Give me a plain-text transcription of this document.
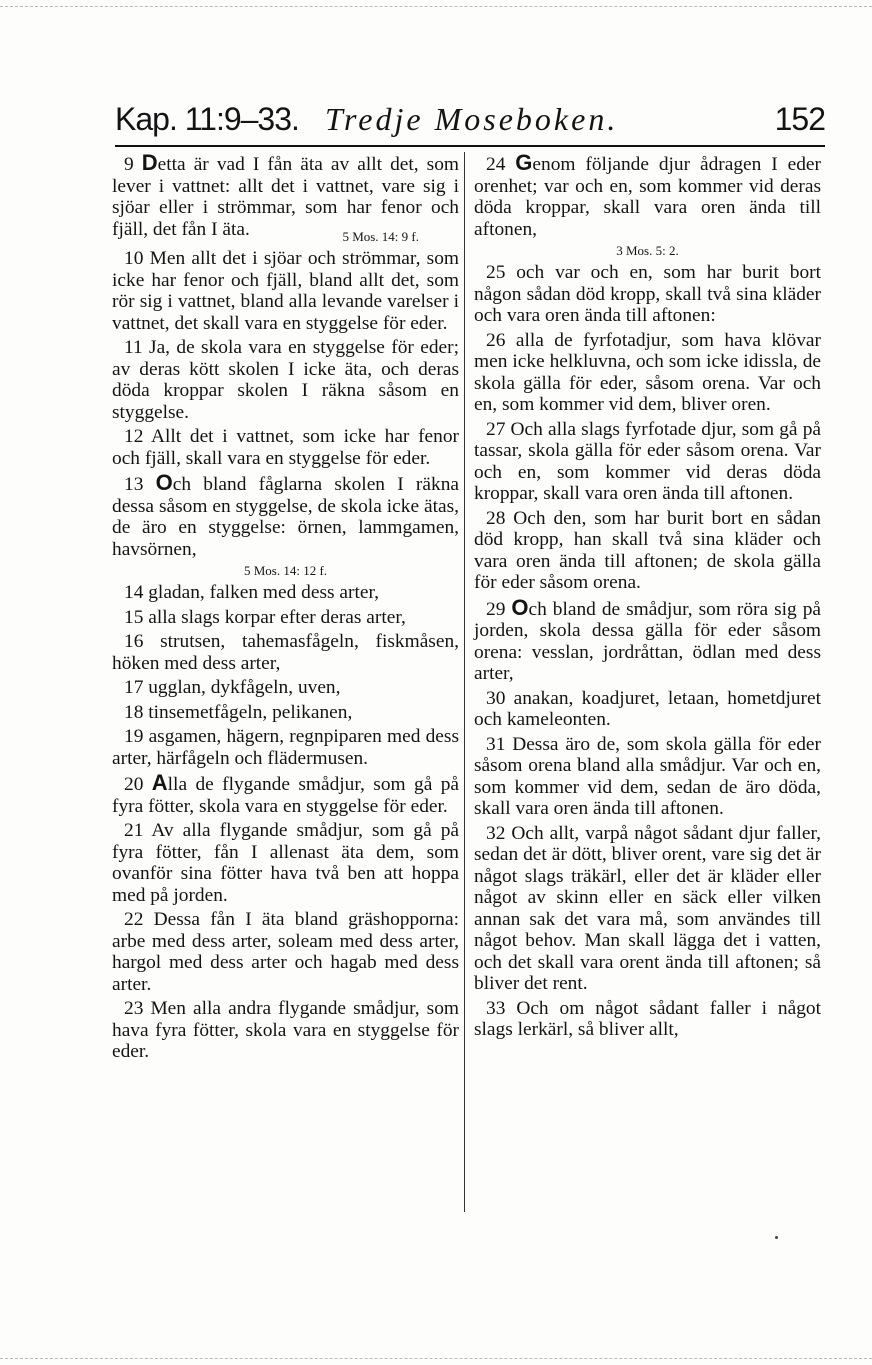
Kap. 11:9–33. Tredje Moseboken.	152

9 Detta är vad I fån äta av allt det, som lever i vattnet: allt det i vattnet, vare sig i sjöar eller i strömmar, som har fenor och fjäll, det fån I äta.	5 Mos. 14: 9 f.

10 Men allt det i sjöar och strömmar, som icke har fenor och fjäll, bland allt det, som rör sig i vattnet, bland alla levande varelser i vattnet, det skall vara en styggelse för eder.

11 Ja, de skola vara en styggelse för eder; av deras kött skolen I icke äta, och deras döda kroppar skolen I räkna såsom en styggelse.

12 Allt det i vattnet, som icke har fenor och fjäll, skall vara en styggelse för eder.

13 Och bland fåglarna skolen I räkna dessa såsom en styggelse, de skola icke ätas, de äro en styggelse: örnen, lammgamen, havsörnen,

5 Mos. 14: 12 f.

14 gladan, falken med dess arter,

15 alla slags korpar efter deras arter,

16 strutsen, tahemasfågeln, fiskmåsen, höken med dess arter,

17 ugglan, dykfågeln, uven,

18 tinsemetfågeln, pelikanen,

19 asgamen, hägern, regnpiparen med dess arter, härfågeln och flädermusen.

20 Alla de flygande smådjur, som gå på fyra fötter, skola vara en styggelse för eder.

21 Av alla flygande smådjur, som gå på fyra fötter, fån I allenast äta dem, som ovanför sina fötter hava två ben att hoppa med på jorden.

22 Dessa fån I äta bland gräshopporna: arbe med dess arter, soleam med dess arter, hargol med dess arter och hagab med dess arter.

23 Men alla andra flygande smådjur, som hava fyra fötter, skola vara en styggelse för eder.

24 Genom följande djur ådragen I eder orenhet; var och en, som kommer vid deras döda kroppar, skall vara oren ända till aftonen,

3 Mos. 5: 2.

25 och var och en, som har burit bort någon sådan död kropp, skall två sina kläder och vara oren ända till aftonen:

26 alla de fyrfotadjur, som hava klövar men icke helkluvna, och som icke idissla, de skola gälla för eder, såsom orena. Var och en, som kommer vid dem, bliver oren.

27 Och alla slags fyrfotade djur, som gå på tassar, skola gälla för eder såsom orena. Var och en, som kommer vid deras döda kroppar, skall vara oren ända till aftonen.

28 Och den, som har burit bort en sådan död kropp, han skall två sina kläder och vara oren ända till aftonen; de skola gälla för eder såsom orena.

29 Och bland de smådjur, som röra sig på jorden, skola dessa gälla för eder såsom orena: vesslan, jordråttan, ödlan med dess arter,

30 anakan, koadjuret, letaan, hometdjuret och kameleonten.

31 Dessa äro de, som skola gälla för eder såsom orena bland alla smådjur. Var och en, som kommer vid dem, sedan de äro döda, skall vara oren ända till aftonen.

32 Och allt, varpå något sådant djur faller, sedan det är dött, bliver orent, vare sig det är något slags träkärl, eller det är kläder eller något av skinn eller en säck eller vilken annan sak det vara må, som användes till något behov. Man skall lägga det i vatten, och det skall vara orent ända till aftonen; så bliver det rent.

33 Och om något sådant faller i något slags lerkärl, så bliver allt,
